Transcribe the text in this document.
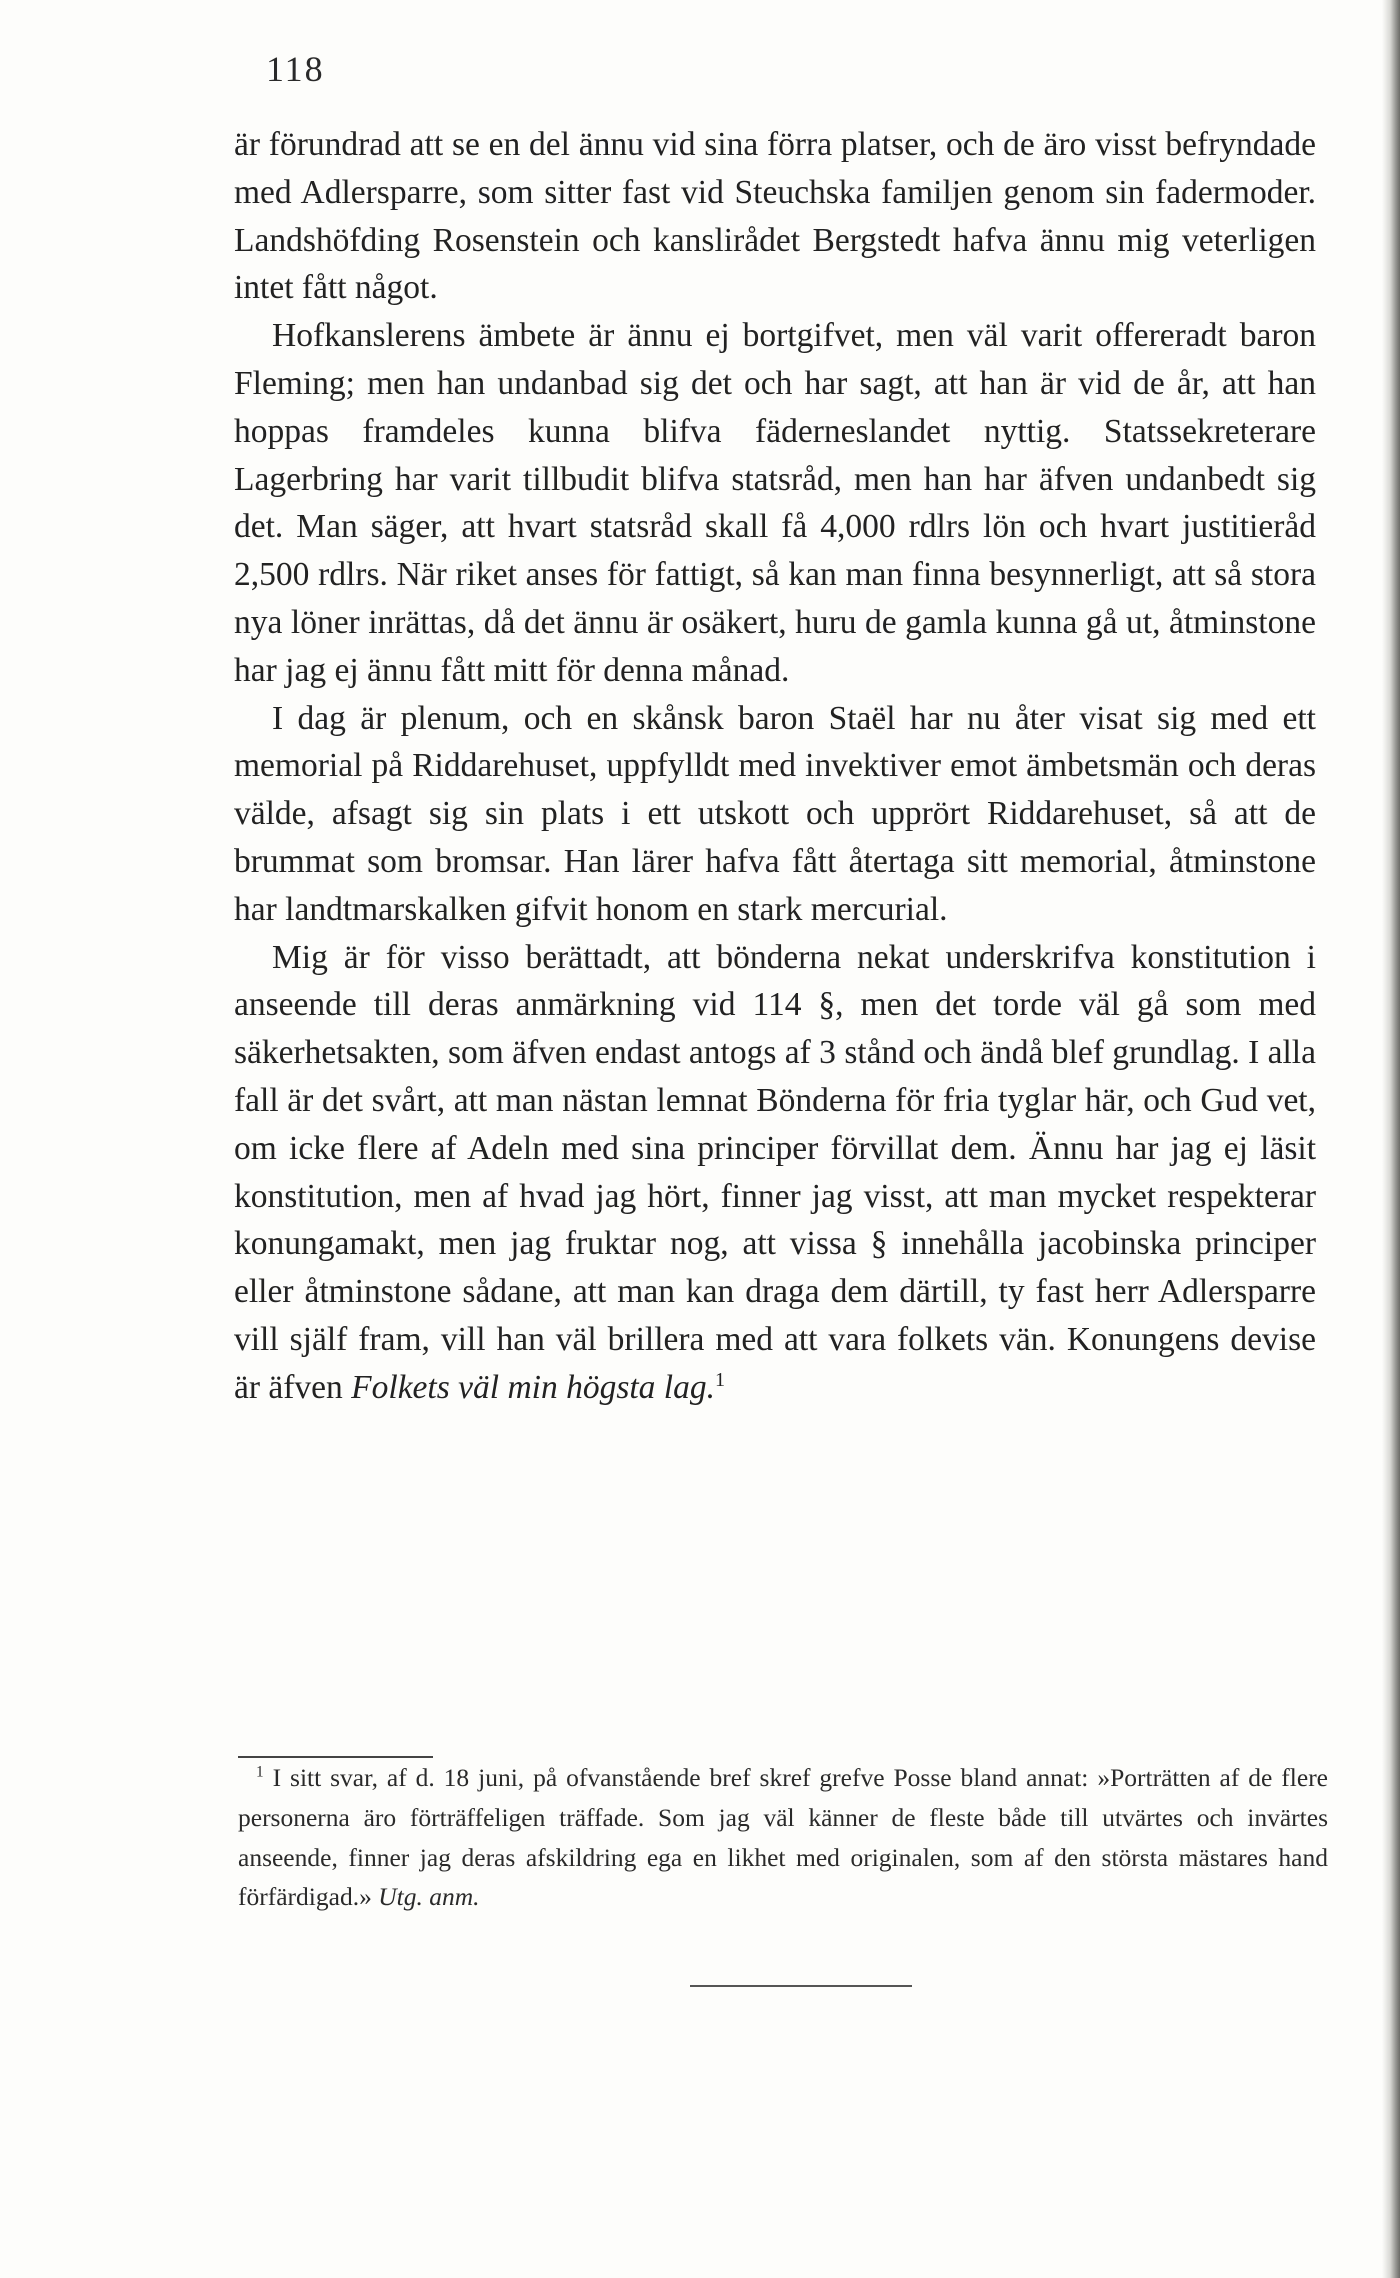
118

är förundrad att se en del ännu vid sina förra platser, och de äro visst befryndade med Adlersparre, som sitter fast vid Steuchska familjen genom sin fadermoder. Landshöfding Rosenstein och kanslirådet Bergstedt hafva ännu mig veterligen intet fått något.

Hofkanslerens ämbete är ännu ej bortgifvet, men väl varit offereradt baron Fleming; men han undanbad sig det och har sagt, att han är vid de år, att han hoppas framdeles kunna blifva fäderneslandet nyttig. Statssekreterare Lagerbring har varit tillbudit blifva statsråd, men han har äfven undanbedt sig det. Man säger, att hvart statsråd skall få 4,000 rdlrs lön och hvart justitieråd 2,500 rdlrs. När riket anses för fattigt, så kan man finna besynnerligt, att så stora nya löner inrättas, då det ännu är osäkert, huru de gamla kunna gå ut, åtminstone har jag ej ännu fått mitt för denna månad.

I dag är plenum, och en skånsk baron Staël har nu åter visat sig med ett memorial på Riddarehuset, uppfylldt med invektiver emot ämbetsmän och deras välde, afsagt sig sin plats i ett utskott och upprört Riddarehuset, så att de brummat som bromsar. Han lärer hafva fått återtaga sitt memorial, åtminstone har landtmarskalken gifvit honom en stark mercurial.

Mig är för visso berättadt, att bönderna nekat underskrifva konstitution i anseende till deras anmärkning vid 114 §, men det torde väl gå som med säkerhetsakten, som äfven endast antogs af 3 stånd och ändå blef grundlag. I alla fall är det svårt, att man nästan lemnat Bönderna för fria tyglar här, och Gud vet, om icke flere af Adeln med sina principer förvillat dem. Ännu har jag ej läsit konstitution, men af hvad jag hört, finner jag visst, att man mycket respekterar konungamakt, men jag fruktar nog, att vissa § innehålla jacobinska principer eller åtminstone sådane, att man kan draga dem därtill, ty fast herr Adlersparre vill själf fram, vill han väl brillera med att vara folkets vän. Konungens devise är äfven Folkets väl min högsta lag.$^1$

$^1$ I sitt svar, af d. 18 juni, på ofvanstående bref skref grefve Posse bland annat: »Porträtten af de flere personerna äro förträffeligen träffade. Som jag väl känner de fleste både till utvärtes och invärtes anseende, finner jag deras afskildring ega en likhet med originalen, som af den största mästares hand förfärdigad.» Utg. anm.
